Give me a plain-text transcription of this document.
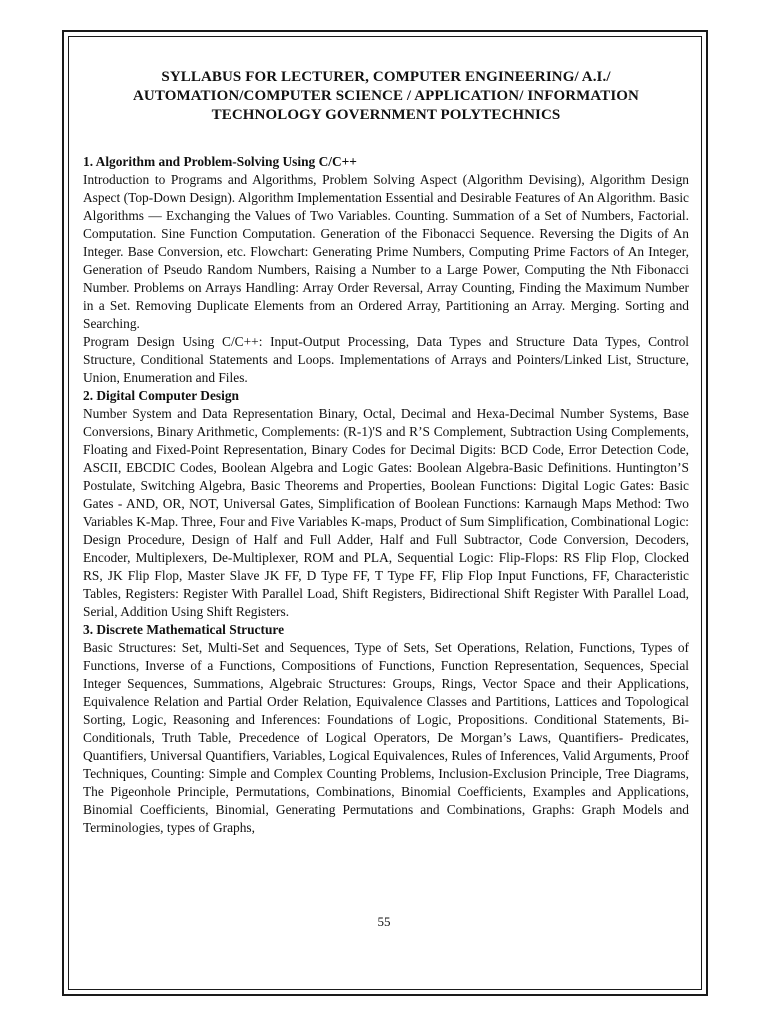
SYLLABUS FOR LECTURER, COMPUTER ENGINEERING/ A.I./
AUTOMATION/COMPUTER SCIENCE / APPLICATION/ INFORMATION
TECHNOLOGY GOVERNMENT POLYTECHNICS

1. Algorithm and Problem-Solving Using C/C++

Introduction to Programs and Algorithms, Problem Solving Aspect (Algorithm Devising), Algorithm Design Aspect (Top-Down Design). Algorithm Implementation Essential and Desirable Features of An Algorithm. Basic Algorithms — Exchanging the Values of Two Variables. Counting. Summation of a Set of Numbers, Factorial. Computation. Sine Function Computation. Generation of the Fibonacci Sequence. Reversing the Digits of An Integer. Base Conversion, etc. Flowchart: Generating Prime Numbers, Computing Prime Factors of An Integer, Generation of Pseudo Random Numbers, Raising a Number to a Large Power, Computing the Nth Fibonacci Number. Problems on Arrays Handling: Array Order Reversal, Array Counting, Finding the Maximum Number in a Set. Removing Duplicate Elements from an Ordered Array, Partitioning an Array. Merging. Sorting and Searching.

Program Design Using C/C++: Input-Output Processing, Data Types and Structure Data Types, Control Structure, Conditional Statements and Loops. Implementations of Arrays and Pointers/Linked List, Structure, Union, Enumeration and Files.

2. Digital Computer Design

Number System and Data Representation Binary, Octal, Decimal and Hexa-Decimal Number Systems, Base Conversions, Binary Arithmetic, Complements: (R-1)'S and R’S Complement, Subtraction Using Complements, Floating and Fixed-Point Representation, Binary Codes for Decimal Digits: BCD Code, Error Detection Code, ASCII, EBCDIC Codes, Boolean Algebra and Logic Gates: Boolean Algebra-Basic Definitions. Huntington’S Postulate, Switching Algebra, Basic Theorems and Properties, Boolean Functions: Digital Logic Gates: Basic Gates - AND, OR, NOT, Universal Gates, Simplification of Boolean Functions: Karnaugh Maps Method: Two Variables K-Map. Three, Four and Five Variables K-maps, Product of Sum Simplification, Combinational Logic: Design Procedure, Design of Half and Full Adder, Half and Full Subtractor, Code Conversion, Decoders, Encoder, Multiplexers, De-Multiplexer, ROM and PLA, Sequential Logic: Flip-Flops: RS Flip Flop, Clocked RS, JK Flip Flop, Master Slave JK FF, D Type FF, T Type FF, Flip Flop Input Functions, FF, Characteristic Tables, Registers: Register With Parallel Load, Shift Registers, Bidirectional Shift Register With Parallel Load, Serial, Addition Using Shift Registers.

3. Discrete Mathematical Structure

Basic Structures: Set, Multi-Set and Sequences, Type of Sets, Set Operations, Relation, Functions, Types of Functions, Inverse of a Functions, Compositions of Functions, Function Representation, Sequences, Special Integer Sequences, Summations, Algebraic Structures: Groups, Rings, Vector Space and their Applications, Equivalence Relation and Partial Order Relation, Equivalence Classes and Partitions, Lattices and Topological Sorting, Logic, Reasoning and Inferences: Foundations of Logic, Propositions. Conditional Statements, Bi-Conditionals, Truth Table, Precedence of Logical Operators, De Morgan’s Laws, Quantifiers- Predicates, Quantifiers, Universal Quantifiers, Variables, Logical Equivalences, Rules of Inferences, Valid Arguments, Proof Techniques, Counting: Simple and Complex Counting Problems, Inclusion-Exclusion Principle, Tree Diagrams, The Pigeonhole Principle, Permutations, Combinations, Binomial Coefficients, Examples and Applications, Binomial Coefficients, Binomial, Generating Permutations and Combinations, Graphs: Graph Models and Terminologies, types of Graphs,

55
